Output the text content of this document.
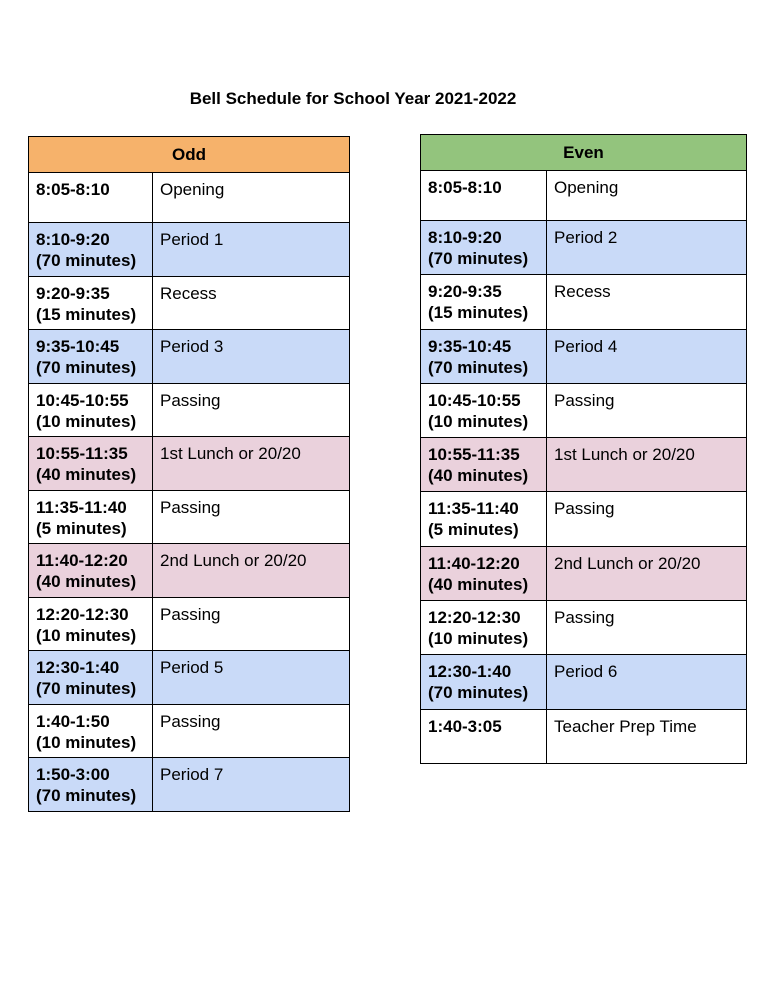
Bell Schedule for School Year 2021-2022
Odd	

8:05-8:10	Opening

8:10-9:20
(70 minutes)	Period 1

9:20-9:35
(15 minutes)	Recess

9:35-10:45
(70 minutes)	Period 3

10:45-10:55
(10 minutes)	Passing

10:55-11:35
(40 minutes)	1st Lunch or 20/20

11:35-11:40
(5 minutes)	Passing

11:40-12:20
(40 minutes)	2nd Lunch or 20/20

12:20-12:30
(10 minutes)	Passing

12:30-1:40
(70 minutes)	Period 5

1:40-1:50
(10 minutes)	Passing

1:50-3:00
(70 minutes)	Period 7
Even	

8:05-8:10	Opening

8:10-9:20
(70 minutes)	Period 2

9:20-9:35
(15 minutes)	Recess

9:35-10:45
(70 minutes)	Period 4

10:45-10:55
(10 minutes)	Passing

10:55-11:35
(40 minutes)	1st Lunch or 20/20

11:35-11:40
(5 minutes)	Passing

11:40-12:20
(40 minutes)	2nd Lunch or 20/20

12:20-12:30
(10 minutes)	Passing

12:30-1:40
(70 minutes)	Period 6

1:40-3:05	Teacher Prep Time
